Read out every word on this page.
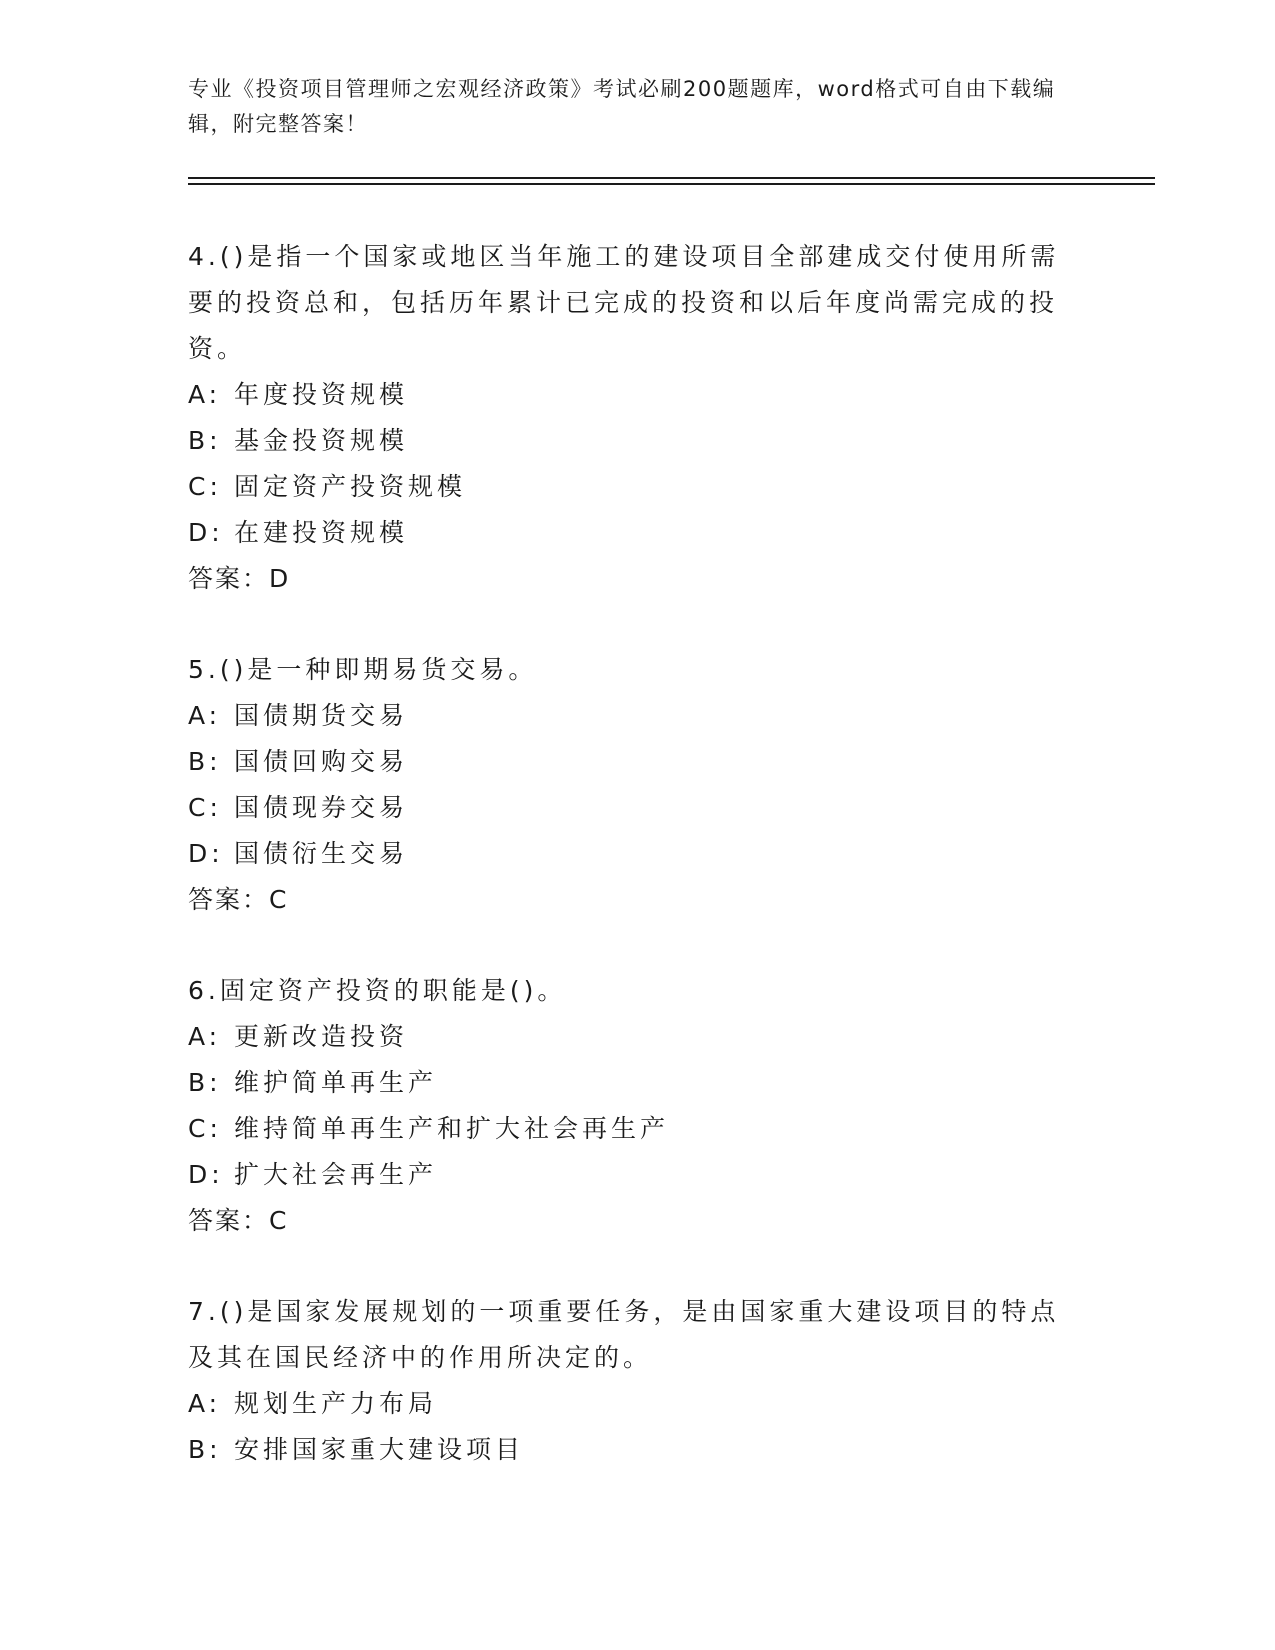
专业《投资项目管理师之宏观经济政策》考试必刷200题题库，word格式可自由下载编辑，附完整答案！

4.()是指一个国家或地区当年施工的建设项目全部建成交付使用所需要的投资总和，包括历年累计已完成的投资和以后年度尚需完成的投资。

A: 年度投资规模

B: 基金投资规模

C: 固定资产投资规模

D: 在建投资规模

答案：D

5.()是一种即期易货交易。

A: 国债期货交易

B: 国债回购交易

C: 国债现券交易

D: 国债衍生交易

答案：C

6.固定资产投资的职能是()。

A: 更新改造投资

B: 维护简单再生产

C: 维持简单再生产和扩大社会再生产

D: 扩大社会再生产

答案：C

7.()是国家发展规划的一项重要任务，是由国家重大建设项目的特点及其在国民经济中的作用所决定的。

A: 规划生产力布局

B: 安排国家重大建设项目
